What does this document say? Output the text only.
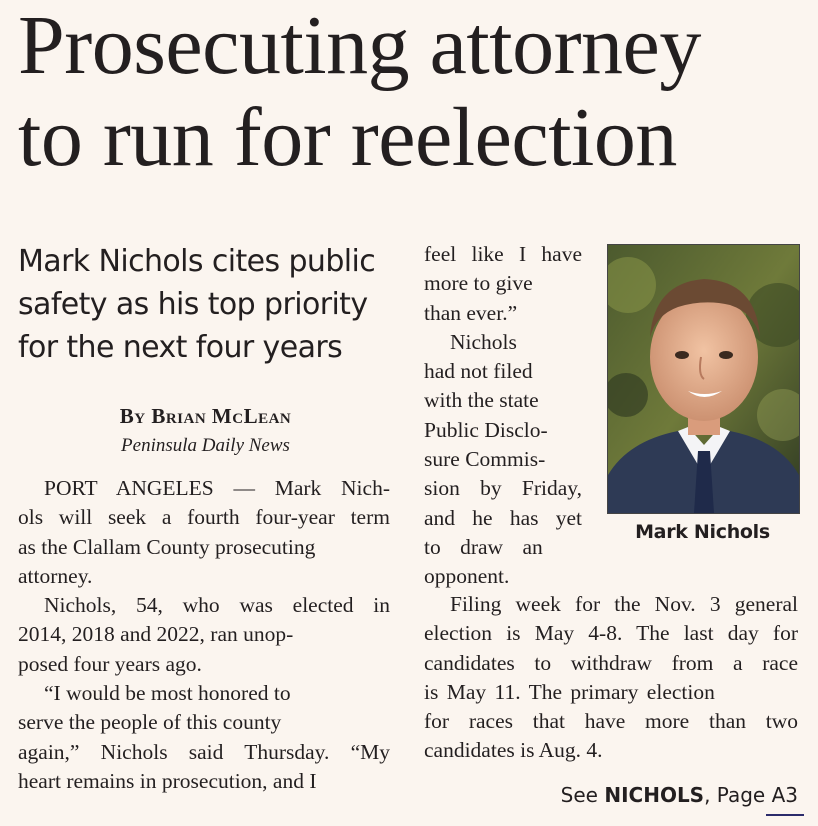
Prosecuting attorney
to run for reelection
Mark Nichols cites public
safety as his top priority
for the next four years
By Brian McLean
Peninsula Daily News
PORT ANGELES — Mark Nich-
ols will seek a fourth four-year term
as the Clallam County prosecuting
attorney.
Nichols, 54, who was elected in
2014, 2018 and 2022, ran unop-
posed four years ago.
“I would be most honored to
serve the people of this county
again,” Nichols said Thursday. “My
heart remains in prosecution, and I
feel like I have
more to give
than ever.”
Nichols
had not filed
with the state
Public Disclo-
sure Commis-
sion by Friday,
and he has yet
to draw an
opponent.
Filing week for the Nov. 3 general
election is May 4-8. The last day for
candidates to withdraw from a race
is May 11. The primary election
for races that have more than two
candidates is Aug. 4.
Mark Nichols
See NICHOLS, Page A3
